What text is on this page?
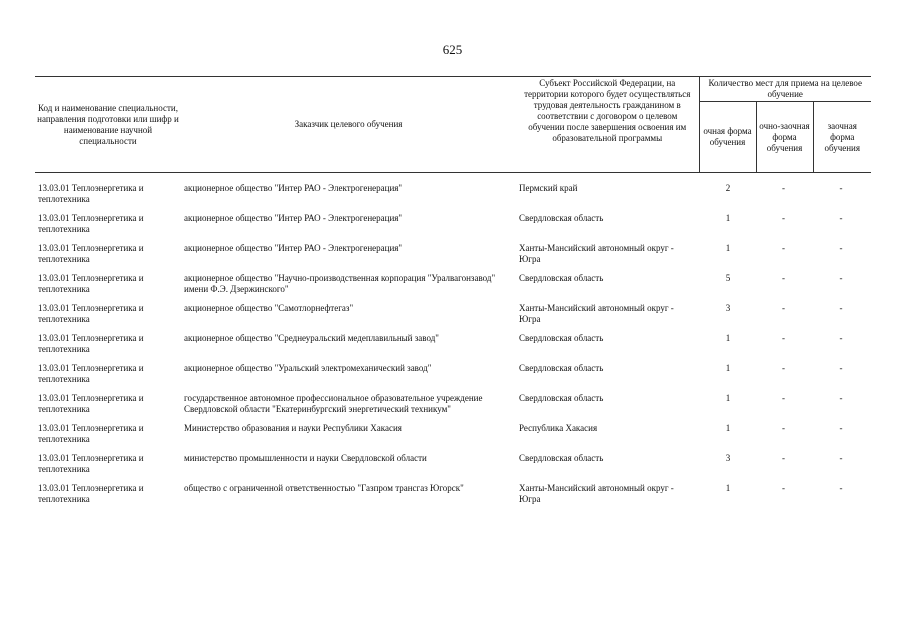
625
Код и наименование специальности, направления подготовки или шифр и наименование научной специальности	Заказчик целевого обучения	Субъект Российской Федерации, на территории которого будет осуществляться трудовая деятельность гражданином в соответствии с договором о целевом обучении после завершения освоения им образовательной программы	Количество мест для приема на целевое обучение		
			очная форма обучения	очно-заочная форма обучения	заочная форма обучения

13.03.01 Теплоэнергетика и теплотехника	акционерное общество "Интер РАО - Электрогенерация"	Пермский край	2	-	-
13.03.01 Теплоэнергетика и теплотехника	акционерное общество "Интер РАО - Электрогенерация"	Свердловская область	1	-	-
13.03.01 Теплоэнергетика и теплотехника	акционерное общество "Интер РАО - Электрогенерация"	Ханты-Мансийский автономный округ - Югра	1	-	-
13.03.01 Теплоэнергетика и теплотехника	акционерное общество "Научно-производственная корпорация "Уралвагонзавод" имени Ф.Э. Дзержинского"	Свердловская область	5	-	-
13.03.01 Теплоэнергетика и теплотехника	акционерное общество "Самотлорнефтегаз"	Ханты-Мансийский автономный округ - Югра	3	-	-
13.03.01 Теплоэнергетика и теплотехника	акционерное общество "Среднеуральский медеплавильный завод"	Свердловская область	1	-	-
13.03.01 Теплоэнергетика и теплотехника	акционерное общество "Уральский электромеханический завод"	Свердловская область	1	-	-
13.03.01 Теплоэнергетика и теплотехника	государственное автономное профессиональное образовательное учреждение Свердловской области "Екатеринбургский энергетический техникум"	Свердловская область	1	-	-
13.03.01 Теплоэнергетика и теплотехника	Министерство образования и науки Республики Хакасия	Республика Хакасия	1	-	-
13.03.01 Теплоэнергетика и теплотехника	министерство промышленности и науки Свердловской области	Свердловская область	3	-	-
13.03.01 Теплоэнергетика и теплотехника	общество с ограниченной ответственностью "Газпром трансгаз Югорск"	Ханты-Мансийский автономный округ - Югра	1	-	-
